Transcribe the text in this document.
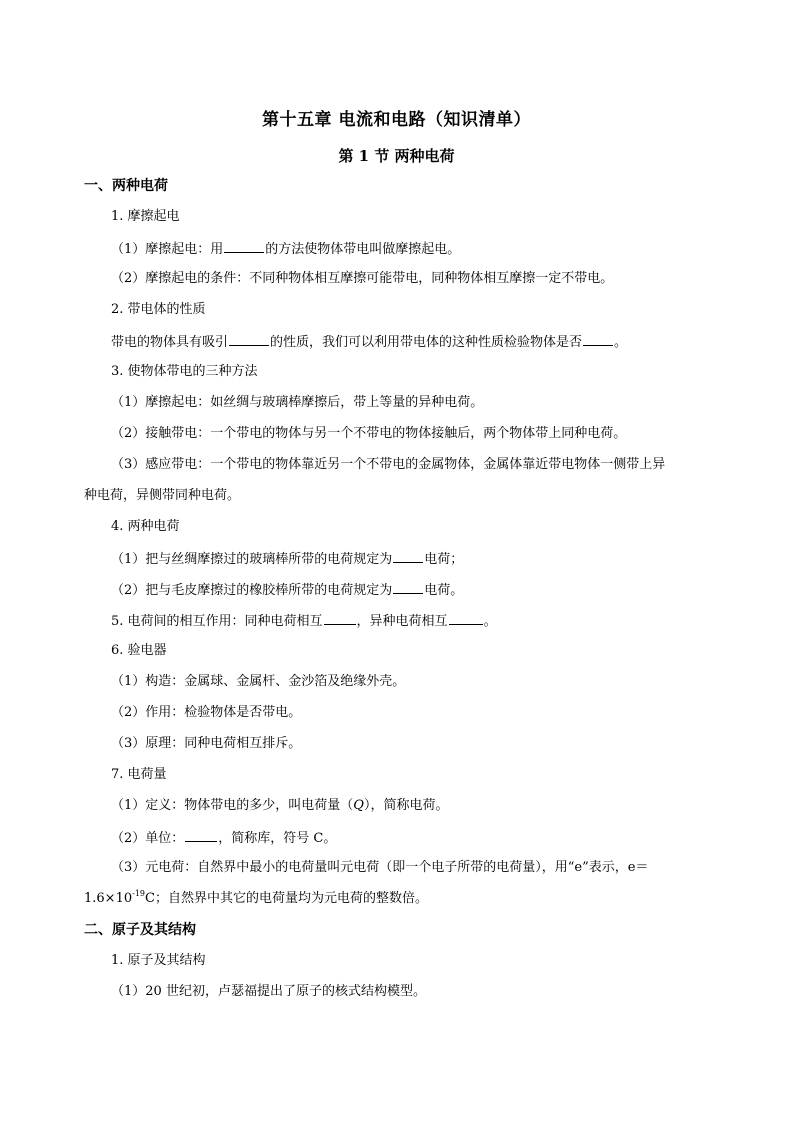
第十五章 电流和电路（知识清单）
第 1 节 两种电荷
一、两种电荷
1. 摩擦起电
（1）摩擦起电：用	的方法使物体带电叫做摩擦起电。
（2）摩擦起电的条件：不同种物体相互摩擦可能带电，同种物体相互摩擦一定不带电。
2. 带电体的性质
带电的物体具有吸引	的性质，我们可以利用带电体的这种性质检验物体是否 。
3. 使物体带电的三种方法
（1）摩擦起电：如丝绸与玻璃棒摩擦后，带上等量的异种电荷。
（2）接触带电：一个带电的物体与另一个不带电的物体接触后，两个物体带上同种电荷。
（3）感应带电：一个带电的物体靠近另一个不带电的金属物体，金属体靠近带电物体一侧带上异
种电荷，异侧带同种电荷。
4. 两种电荷
（1）把与丝绸摩擦过的玻璃棒所带的电荷规定为 电荷；
（2）把与毛皮摩擦过的橡胶棒所带的电荷规定为 电荷。
5. 电荷间的相互作用：同种电荷相互	，异种电荷相互	。
6. 验电器
（1）构造：金属球、金属杆、金沙箔及绝缘外壳。
（2）作用：检验物体是否带电。
（3）原理：同种电荷相互排斥。
7. 电荷量
（1）定义：物体带电的多少，叫电荷量（Q），简称电荷。
（2）单位：	，简称库，符号 C。
（3）元电荷：自然界中最小的电荷量叫元电荷（即一个电子所带的电荷量），用“e”表示，e＝
$1.6\times 10^{-19}C$；自然界中其它的电荷量均为元电荷的整数倍。
二、原子及其结构
1. 原子及其结构
（1）20 世纪初，卢瑟福提出了原子的核式结构模型。
